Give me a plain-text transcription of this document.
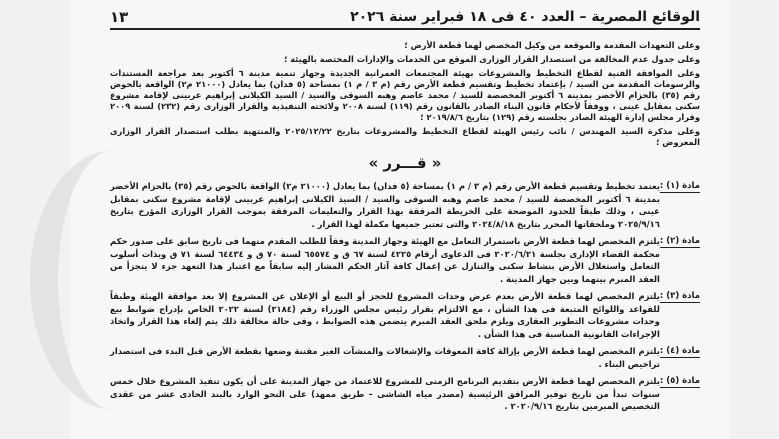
١٣	الوقائع المصرية – العدد ٤٠ فى ١٨ فبراير سنة ٢٠٢٦

وعلى التعهدات المقدمة والموقعة من وكيل المخصص لهما قطعة الأرض ؛

وعلى جدول عدم المخالفة من استصدار القرار الوزارى الموقع من الخدمات والإدارات المختصة بالهيئة ؛

وعلى الموافقة الفنية لقطاع التخطيط والمشروعات بهيئة المجتمعات العمرانية الجديدة وجهاز تنمية مدينة ٦ أكتوبر بعد مراجعة المستندات والرسومات المقدمة من السيد / بإعتماد تخطيط وتقسيم قطعة الأرض رقم (م ٣ / م ١) بمساحة (٥ فدان) بما يعادل (٢١٠٠٠ م٢) الواقعة بالحوض رقم (٣٥) بالحزام الأخضر بمدينة ٦ أكتوبر المخصصة للسيد / محمد عاصم وهبه السوقى والسيد / السيد الكيلانى إبراهيم عربينى لإقامة مشروع سكنى بمقابل عينى ، ووفقاً لأحكام قانون البناء الصادر بالقانون رقم (١١٩) لسنة ٢٠٠٨ ولائحته التنفيذية والقرار الوزارى رقم (٢٣٢) لسنة ٢٠٠٩ وقرار مجلس إدارة الهيئة الصادر بجلسته رقم (١٢٩) بتاريخ ٢٠١٩/٨/٦ ؛

وعلى مذكرة السيد المهندس / نائب رئيس الهيئة لقطاع التخطيط والمشروعات بتاريخ ٢٠٢٥/١٢/٢٢ والمنتهية بطلب استصدار القرار الوزارى المعروض ؛

« قـــرر »
مادة (١) :
يعتمد تخطيط وتقسيم قطعة الأرض رقم (م ٣ / م ١) بمساحة (٥ فدان) بما يعادل (٢١٠٠٠ م٢) الواقعة بالحوض رقم (٣٥) بالحزام الأخضر بمدينة ٦ أكتوبر المخصصة للسيد / محمد عاصم وهبه السوقى والسيد / السيد الكيلانى إبراهيم عربينى لإقامة مشروع سكنى بمقابل عينى ، وذلك طبقاً للحدود الموضحة على الخريطة المرفقة بهذا القرار والتعليمات المرفقة بموجب القرار الوزارى المؤرخ بتاريخ ٢٠٢٥/٩/١٦ وملحقاتها المحرر بتاريخ ٢٠٢٤/٨/١٨ والتى تعتبر جميعها مكملة لهذا القرار .
مادة (٢) :
يلتزم المخصص لهما قطعة الأرض باستمرار التعامل مع الهيئة وجهاز المدينة وفقاً للطلب المقدم منهما فى تاريخ سابق على صدور حكم محكمة القضاء الإدارى بجلسة ٢٠٢٠/٦/٢١ فى الدعاوى أرقام ٤٢٢٥ لسنة ٦٧ ق و ٦٥٥٧٤ لسنة ٧٠ ق و ٦٤٤٣٤ لسنة ٧١ ق وبذات أسلوب التعامل واستغلال الأرض بنشاط سكنى والتنازل عن إعمال كافة آثار الحكم المشار إليه سابقاً مع اعتبار هذا التعهد جزء لا يتجزأ من العقد المبرم بينهما وبين جهاز المدينة .
مادة (٣) :
يلتزم المخصص لهما قطعة الأرض بعدم عرض وحدات المشروع للحجز أو البيع أو الإعلان عن المشروع إلا بعد موافقة الهيئة وطبقاً للقواعد واللوائح المتبعة فى هذا الشأن ، مع الالتزام بقرار رئيس مجلس الوزراء رقم (٢١٨٤) لسنة ٢٠٢٢ الخاص بإدراج ضوابط بيع وحدات مشروعات التطوير العقارى ويلزم ملحق العقد المبرم يتضمن هذه الضوابط ، وفى حالة مخالفة ذلك يتم إلغاء هذا القرار واتخاذ الإجراءات القانونية المناسبة فى هذا الشأن .
مادة (٤) :
يلتزم المخصص لهما قطعة الأرض بإزالة كافة المعوقات والإشغالات والمنشآت الغير مقننة وضعها بقطعة الأرض قبل البدء فى استصدار تراخيص البناء .
مادة (٥) :
يلتزم المخصص لهما قطعة الأرض بتقديم البرنامج الزمنى للمشروع للاعتماد من جهاز المدينة على أن يكون تنفيذ المشروع خلال خمس سنوات تبدأ من تاريخ توفير المرافق الرئيسية (مصدر مياه الشاشى – طريق ممهد) على النحو الوارد بالبند الحادى عشر من عقدى التخصيص المبرمين بتاريخ ٢٠٢٠/٩/١٦ .
